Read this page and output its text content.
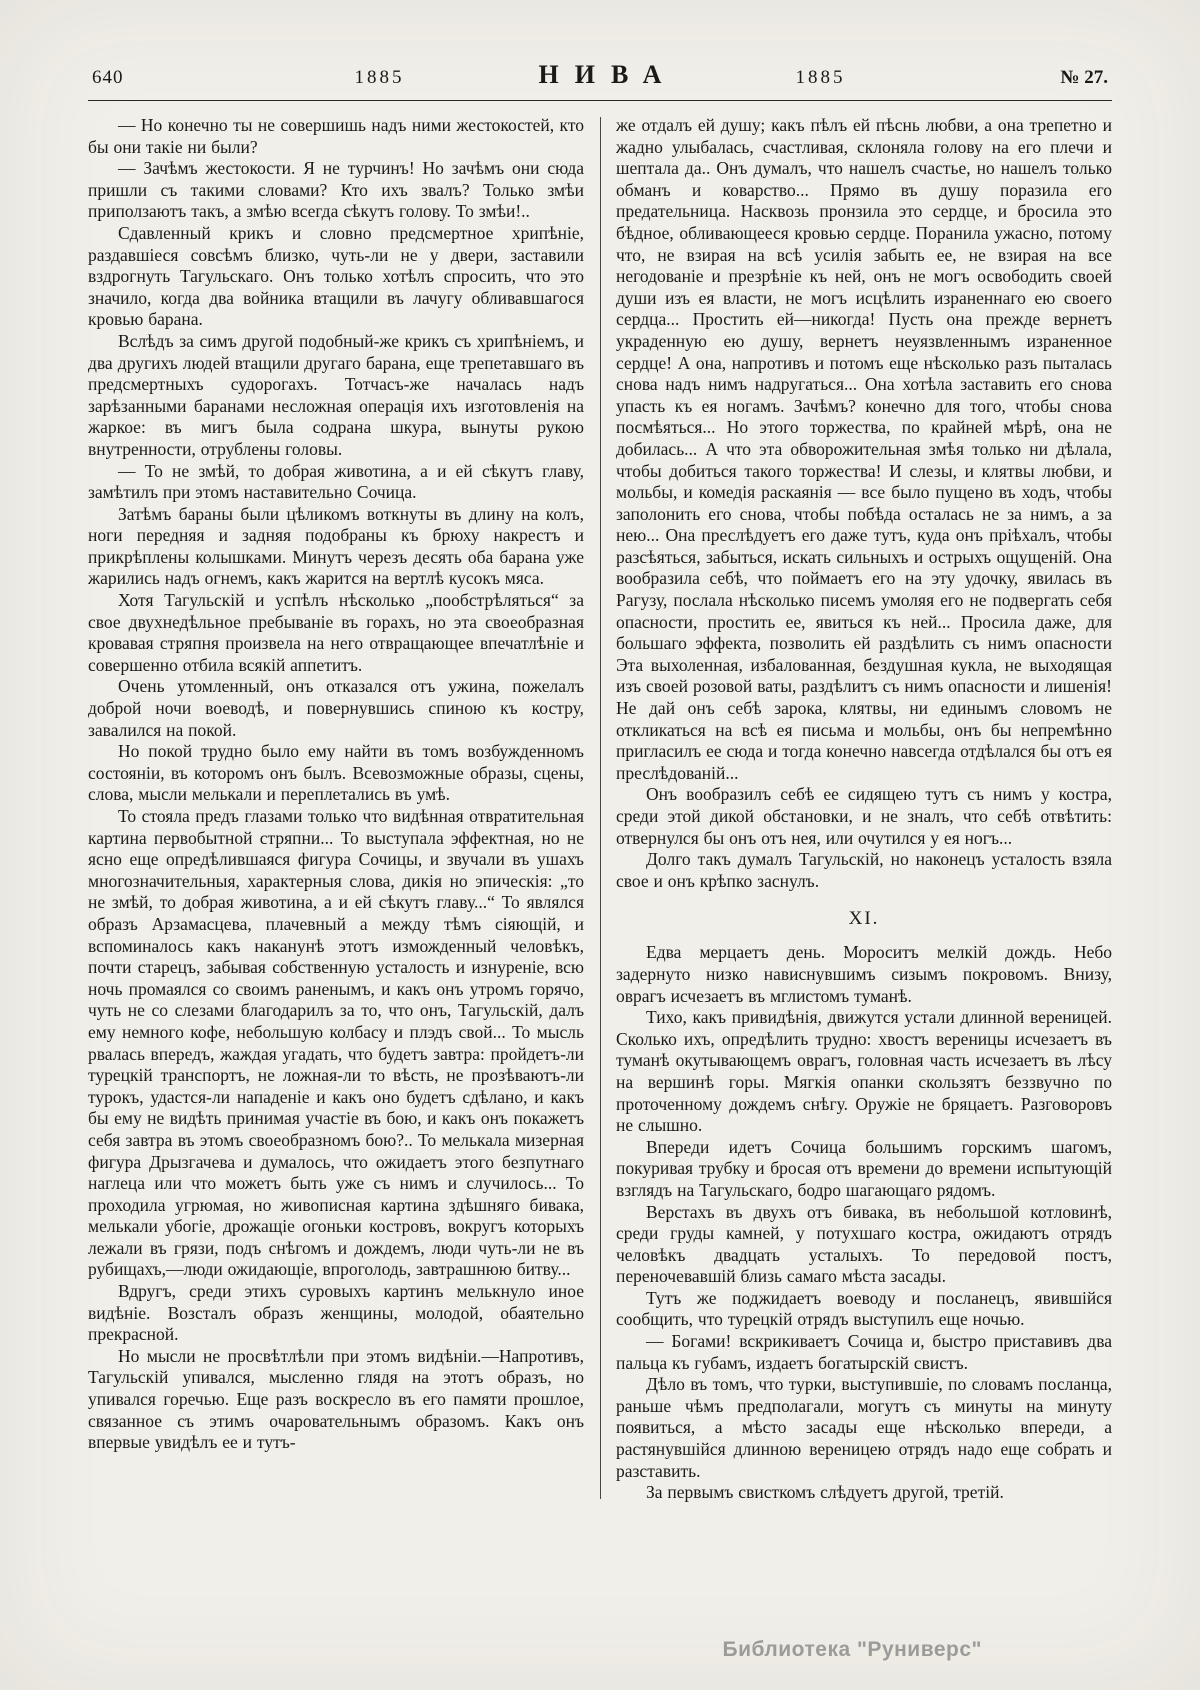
640	1885	НИВА	1885	№ 27.

— Но конечно ты не совершишь надъ ними жестокостей, кто бы они такіе ни были?

— Зачѣмъ жестокости. Я не турчинъ! Но зачѣмъ они сюда пришли съ такими словами? Кто ихъ звалъ? Только змѣи приползаютъ такъ, а змѣю всегда сѣкутъ голову. То змѣи!..

Сдавленный крикъ и словно предсмертное хрипѣніе, раздавшіеся совсѣмъ близко, чуть-ли не у двери, заставили вздрогнуть Тагульскаго. Онъ только хотѣлъ спросить, что это значило, когда два войника втащили въ лачугу обливавшагося кровью барана.

Вслѣдъ за симъ другой подобный-же крикъ съ хрипѣніемъ, и два другихъ людей втащили другаго барана, еще трепетавшаго въ предсмертныхъ судорогахъ. Тотчасъ-же началась надъ зарѣзанными баранами несложная операція ихъ изготовленія на жаркое: въ мигъ была содрана шкура, вынуты рукою внутренности, отрублены головы.

— То не змѣй, то добрая животина, а и ей сѣкутъ главу, замѣтилъ при этомъ наставительно Сочица.

Затѣмъ бараны были цѣликомъ воткнуты въ длину на колъ, ноги передняя и задняя подобраны къ брюху накрестъ и прикрѣплены колышками. Минутъ черезъ десять оба барана уже жарились надъ огнемъ, какъ жарится на вертлѣ кусокъ мяса.

Хотя Тагульскій и успѣлъ нѣсколько „пообстрѣляться“ за свое двухнедѣльное пребываніе въ горахъ, но эта своеобразная кровавая стряпня произвела на него отвращающее впечатлѣніе и совершенно отбила всякій аппетитъ.

Очень утомленный, онъ отказался отъ ужина, пожелалъ доброй ночи воеводѣ, и повернувшись спиною къ костру, завалился на покой.

Но покой трудно было ему найти въ томъ возбужденномъ состояніи, въ которомъ онъ былъ. Всевозможные образы, сцены, слова, мысли мелькали и переплетались въ умѣ.

То стояла предъ глазами только что видѣнная отвратительная картина первобытной стряпни... То выступала эффектная, но не ясно еще опредѣлившаяся фигура Сочицы, и звучали въ ушахъ многозначительныя, характерныя слова, дикія но эпическія: „то не змѣй, то добрая животина, а и ей сѣкутъ главу...“ То являлся образъ Арзамасцева, плачевный а между тѣмъ сіяющій, и вспоминалось какъ наканунѣ этотъ изможденный человѣкъ, почти старецъ, забывая собственную усталость и изнуреніе, всю ночь промаялся со своимъ раненымъ, и какъ онъ утромъ горячо, чуть не со слезами благодарилъ за то, что онъ, Тагульскій, далъ ему немного кофе, небольшую колбасу и плэдъ свой... То мысль рвалась впередъ, жаждая угадать, что будетъ завтра: пройдетъ-ли турецкій транспортъ, не ложная-ли то вѣсть, не прозѣваютъ-ли турокъ, удастся-ли нападеніе и какъ оно будетъ сдѣлано, и какъ бы ему не видѣть принимая участіе въ бою, и какъ онъ покажетъ себя завтра въ этомъ своеобразномъ бою?.. То мелькала мизерная фигура Дрызгачева и думалось, что ожидаетъ этого безпутнаго наглеца или что можетъ быть уже съ нимъ и случилось... То проходила угрюмая, но живописная картина здѣшняго бивака, мелькали убогіе, дрожащіе огоньки костровъ, вокругъ которыхъ лежали въ грязи, подъ снѣгомъ и дождемъ, люди чуть-ли не въ рубищахъ,—люди ожидающіе, впроголодь, завтрашнюю битву...

Вдругъ, среди этихъ суровыхъ картинъ мелькнуло иное видѣніе. Возсталъ образъ женщины, молодой, обаятельно прекрасной.

Но мысли не просвѣтлѣли при этомъ видѣніи.—Напротивъ, Тагульскій упивался, мысленно глядя на этотъ образъ, но упивался горечью. Еще разъ воскресло въ его памяти прошлое, связанное съ этимъ очаровательнымъ образомъ. Какъ онъ впервые увидѣлъ ее и тутъ-

же отдалъ ей душу; какъ пѣлъ ей пѣснь любви, а она трепетно и жадно улыбалась, счастливая, склоняла голову на его плечи и шептала да.. Онъ думалъ, что нашелъ счастье, но нашелъ только обманъ и коварство... Прямо въ душу поразила его предательница. Насквозь пронзила это сердце, и бросила это бѣдное, обливающееся кровью сердце. Поранила ужасно, потому что, не взирая на всѣ усилія забыть ее, не взирая на все негодованіе и презрѣніе къ ней, онъ не могъ освободить своей души изъ ея власти, не могъ исцѣлить израненнаго ею своего сердца... Простить ей—никогда! Пусть она прежде вернетъ украденную ею душу, вернетъ неуязвленнымъ израненное сердце! А она, напротивъ и потомъ еще нѣсколько разъ пыталась снова надъ нимъ надругаться... Она хотѣла заставить его снова упасть къ ея ногамъ. Зачѣмъ? конечно для того, чтобы снова посмѣяться... Но этого торжества, по крайней мѣрѣ, она не добилась... А что эта обворожительная змѣя только ни дѣлала, чтобы добиться такого торжества! И слезы, и клятвы любви, и мольбы, и комедія раскаянія — все было пущено въ ходъ, чтобы заполонить его снова, чтобы побѣда осталась не за нимъ, а за нею... Она преслѣдуетъ его даже тутъ, куда онъ пріѣхалъ, чтобы разсѣяться, забыться, искать сильныхъ и острыхъ ощущеній. Она вообразила себѣ, что поймаетъ его на эту удочку, явилась въ Рагузу, послала нѣсколько писемъ умоляя его не подвергать себя опасности, простить ее, явиться къ ней... Просила даже, для большаго эффекта, позволить ей раздѣлить съ нимъ опасности Эта выхоленная, избалованная, бездушная кукла, не выходящая изъ своей розовой ваты, раздѣлитъ съ нимъ опасности и лишенія! Не дай онъ себѣ зарока, клятвы, ни единымъ словомъ не откликаться на всѣ ея письма и мольбы, онъ бы непремѣнно пригласилъ ее сюда и тогда конечно навсегда отдѣлался бы отъ ея преслѣдованій...

Онъ вообразилъ себѣ ее сидящею тутъ съ нимъ у костра, среди этой дикой обстановки, и не зналъ, что себѣ отвѣтить: отвернулся бы онъ отъ нея, или очутился у ея ногъ...

Долго такъ думалъ Тагульскій, но наконецъ усталость взяла свое и онъ крѣпко заснулъ.

XI.

Едва мерцаетъ день. Мороситъ мелкій дождь. Небо задернуто низко нависнувшимъ сизымъ покровомъ. Внизу, оврагъ исчезаетъ въ мглистомъ туманѣ.

Тихо, какъ привидѣнія, движутся устали длинной вереницей. Сколько ихъ, опредѣлить трудно: хвостъ вереницы исчезаетъ въ туманѣ окутывающемъ оврагъ, головная часть исчезаетъ въ лѣсу на вершинѣ горы. Мягкія опанки скользятъ беззвучно по проточенному дождемъ снѣгу. Оружіе не бряцаетъ. Разговоровъ не слышно.

Впереди идетъ Сочица большимъ горскимъ шагомъ, покуривая трубку и бросая отъ времени до времени испытующій взглядъ на Тагульскаго, бодро шагающаго рядомъ.

Верстахъ въ двухъ отъ бивака, въ небольшой котловинѣ, среди груды камней, у потухшаго костра, ожидаютъ отрядъ человѣкъ двадцать усталыхъ. То передовой постъ, переночевавшій близь самаго мѣста засады.

Тутъ же поджидаетъ воеводу и посланецъ, явившійся сообщить, что турецкій отрядъ выступилъ еще ночью.

— Богами! вскрикиваетъ Сочица и, быстро приставивъ два пальца къ губамъ, издаетъ богатырскій свистъ.

Дѣло въ томъ, что турки, выступившіе, по словамъ посланца, раньше чѣмъ предполагали, могутъ съ минуты на минуту появиться, а мѣсто засады еще нѣсколько впереди, а растянувшійся длинною вереницею отрядъ надо еще собрать и разставить.

За первымъ свисткомъ слѣдуетъ другой, третій.

Библиотека "Руниверс"
